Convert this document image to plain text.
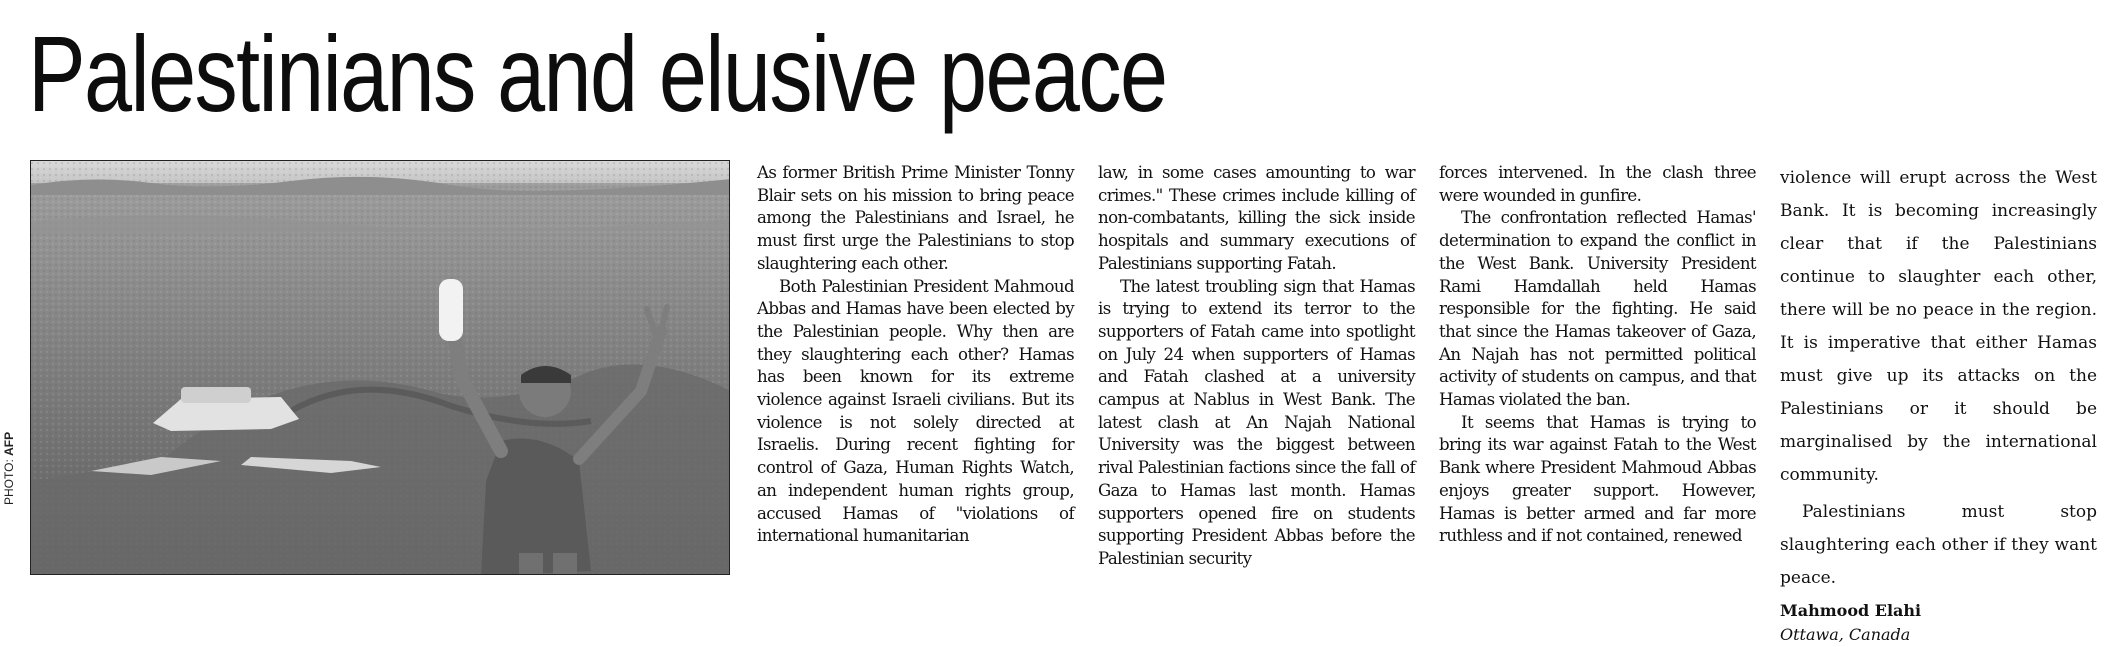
Palestinians and elusive peace
PHOTO: AFP

As former British Prime Minister Tonny Blair sets on his mission to bring peace among the Palestinians and Israel, he must first urge the Palestinians to stop slaughtering each other.

Both Palestinian President Mahmoud Abbas and Hamas have been elected by the Palestinian people. Why then are they slaughtering each other? Hamas has been known for its extreme violence against Israeli civilians. But its violence is not solely directed at Israelis. During recent fighting for control of Gaza, Human Rights Watch, an independent human rights group, accused Hamas of "violations of international humanitarian

law, in some cases amounting to war crimes." These crimes include killing of non-combatants, killing the sick inside hospitals and summary executions of Palestinians supporting Fatah.

The latest troubling sign that Hamas is trying to extend its terror to the supporters of Fatah came into spotlight on July 24 when supporters of Hamas and Fatah clashed at a university campus at Nablus in West Bank. The latest clash at An Najah National University was the biggest between rival Palestinian factions since the fall of Gaza to Hamas last month. Hamas supporters opened fire on students supporting President Abbas before the Palestinian security

forces intervened. In the clash three were wounded in gunfire.

The confrontation reflected Hamas' determination to expand the conflict in the West Bank. University President Rami Hamdallah held Hamas responsible for the fighting. He said that since the Hamas takeover of Gaza, An Najah has not permitted political activity of students on campus, and that Hamas violated the ban.

It seems that Hamas is trying to bring its war against Fatah to the West Bank where President Mahmoud Abbas enjoys greater support. However, Hamas is better armed and far more ruthless and if not contained, renewed

violence will erupt across the West Bank. It is becoming increasingly clear that if the Palestinians continue to slaughter each other, there will be no peace in the region. It is imperative that either Hamas must give up its attacks on the Palestinians or it should be marginalised by the international community.

Palestinians must stop slaughtering each other if they want peace.

Mahmood Elahi
Ottawa, Canada
